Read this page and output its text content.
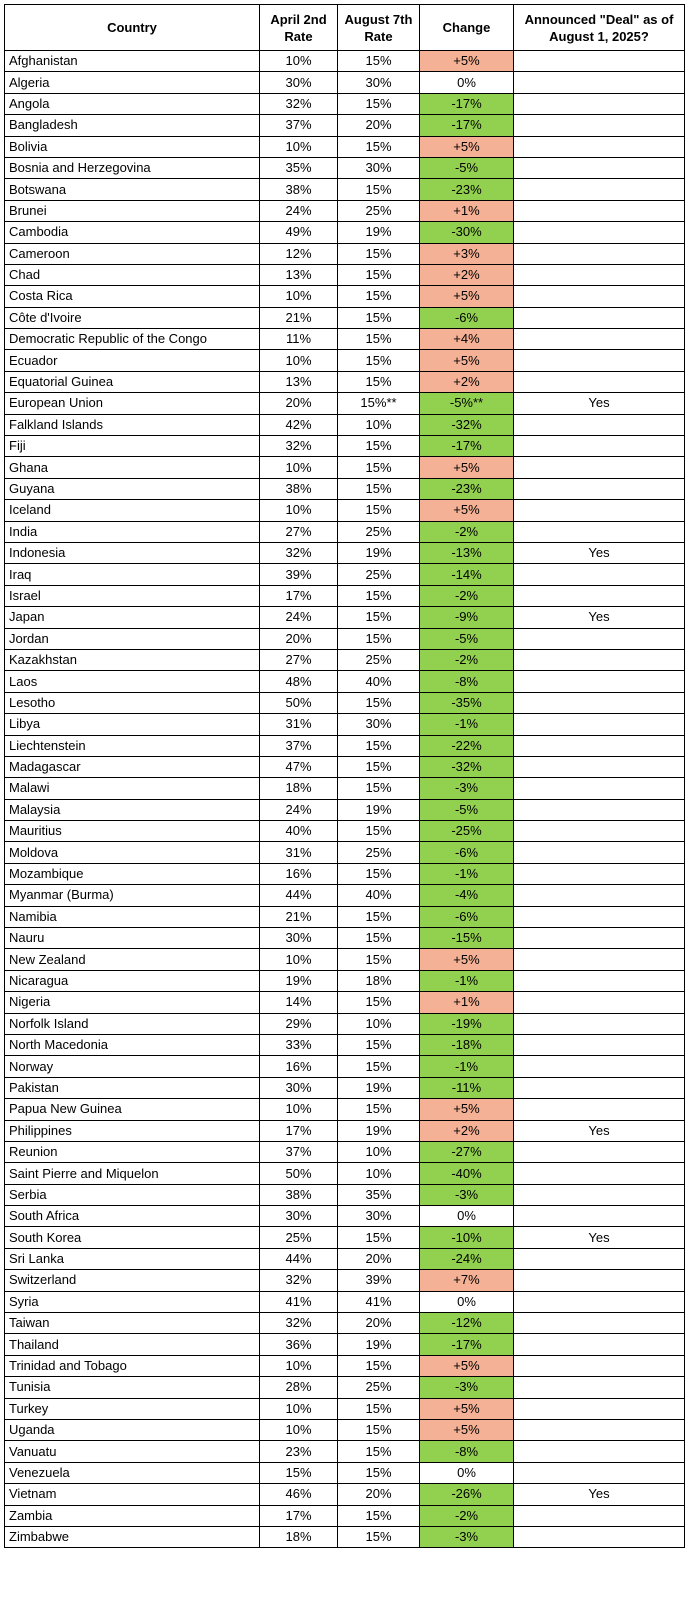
Country	April 2nd Rate	August 7th Rate	Change	Announced "Deal" as of August 1, 2025?
Afghanistan	10%	15%	+5%	
Algeria	30%	30%	0%	
Angola	32%	15%	-17%	
Bangladesh	37%	20%	-17%	
Bolivia	10%	15%	+5%	
Bosnia and Herzegovina	35%	30%	-5%	
Botswana	38%	15%	-23%	
Brunei	24%	25%	+1%	
Cambodia	49%	19%	-30%	
Cameroon	12%	15%	+3%	
Chad	13%	15%	+2%	
Costa Rica	10%	15%	+5%	
Côte d'Ivoire	21%	15%	-6%	
Democratic Republic of the Congo	11%	15%	+4%	
Ecuador	10%	15%	+5%	
Equatorial Guinea	13%	15%	+2%	
European Union	20%	15%**	-5%**	Yes
Falkland Islands	42%	10%	-32%	
Fiji	32%	15%	-17%	
Ghana	10%	15%	+5%	
Guyana	38%	15%	-23%	
Iceland	10%	15%	+5%	
India	27%	25%	-2%	
Indonesia	32%	19%	-13%	Yes
Iraq	39%	25%	-14%	
Israel	17%	15%	-2%	
Japan	24%	15%	-9%	Yes
Jordan	20%	15%	-5%	
Kazakhstan	27%	25%	-2%	
Laos	48%	40%	-8%	
Lesotho	50%	15%	-35%	
Libya	31%	30%	-1%	
Liechtenstein	37%	15%	-22%	
Madagascar	47%	15%	-32%	
Malawi	18%	15%	-3%	
Malaysia	24%	19%	-5%	
Mauritius	40%	15%	-25%	
Moldova	31%	25%	-6%	
Mozambique	16%	15%	-1%	
Myanmar (Burma)	44%	40%	-4%	
Namibia	21%	15%	-6%	
Nauru	30%	15%	-15%	
New Zealand	10%	15%	+5%	
Nicaragua	19%	18%	-1%	
Nigeria	14%	15%	+1%	
Norfolk Island	29%	10%	-19%	
North Macedonia	33%	15%	-18%	
Norway	16%	15%	-1%	
Pakistan	30%	19%	-11%	
Papua New Guinea	10%	15%	+5%	
Philippines	17%	19%	+2%	Yes
Reunion	37%	10%	-27%	
Saint Pierre and Miquelon	50%	10%	-40%	
Serbia	38%	35%	-3%	
South Africa	30%	30%	0%	
South Korea	25%	15%	-10%	Yes
Sri Lanka	44%	20%	-24%	
Switzerland	32%	39%	+7%	
Syria	41%	41%	0%	
Taiwan	32%	20%	-12%	
Thailand	36%	19%	-17%	
Trinidad and Tobago	10%	15%	+5%	
Tunisia	28%	25%	-3%	
Turkey	10%	15%	+5%	
Uganda	10%	15%	+5%	
Vanuatu	23%	15%	-8%	
Venezuela	15%	15%	0%	
Vietnam	46%	20%	-26%	Yes
Zambia	17%	15%	-2%	
Zimbabwe	18%	15%	-3%	
